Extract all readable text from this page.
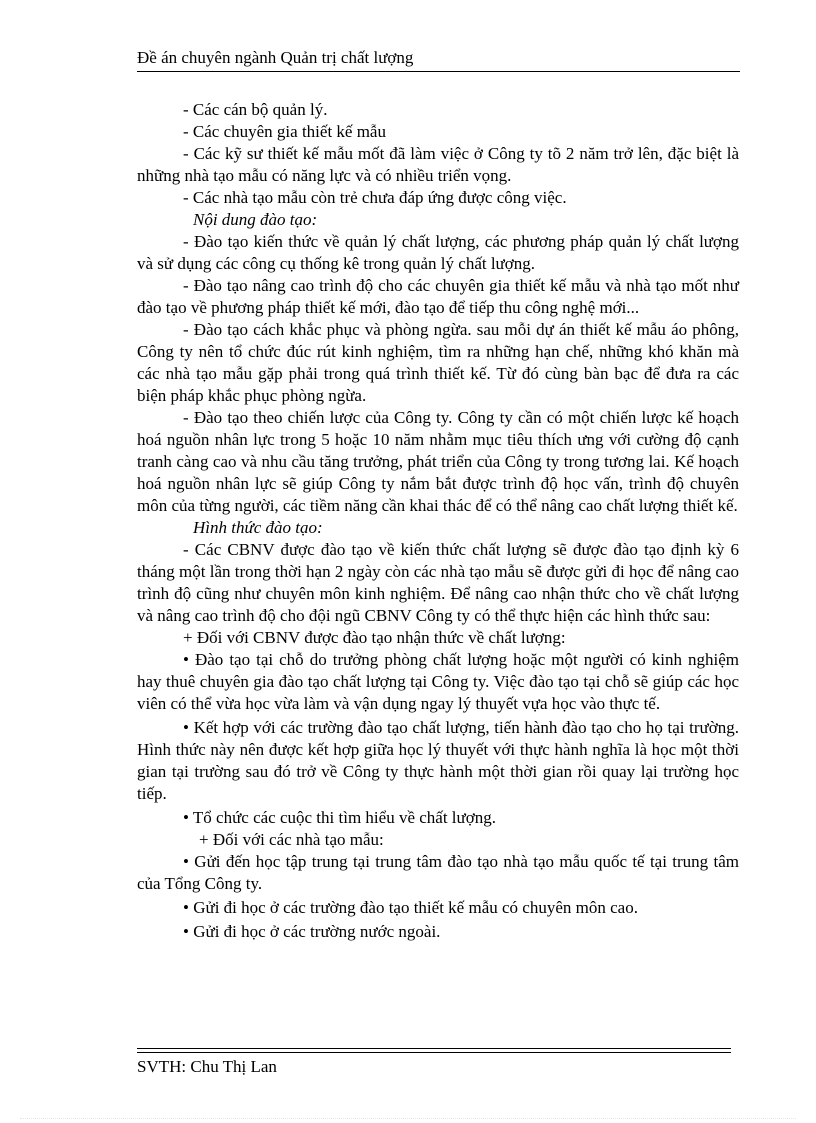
Đề án chuyên ngành Quản trị chất lượng

- Các cán bộ quản lý.

- Các chuyên gia thiết kế mẫu

- Các kỹ sư thiết kế mẫu mốt đã làm việc ở Công ty tõ 2 năm trở lên, đặc biệt là những nhà tạo mẫu có năng lực và có nhiều triển vọng.

- Các nhà tạo mẫu còn trẻ chưa đáp ứng được công việc.

Nội dung đào tạo:

- Đào tạo kiến thức về quản lý chất lượng, các phương pháp quản lý chất lượng và sử dụng các công cụ thống kê trong quản lý chất lượng.

- Đào tạo nâng cao trình độ cho các chuyên gia thiết kế mẫu và nhà tạo mốt như đào tạo về phương pháp thiết kế mới, đào tạo để tiếp thu công nghệ mới...

- Đào tạo cách khắc phục và phòng ngừa. sau mỗi dự án thiết kế mẫu áo phông, Công ty nên tổ chức đúc rút kinh nghiệm, tìm ra những hạn chế, những khó khăn mà các nhà tạo mẫu gặp phải trong quá trình thiết kế. Từ đó cùng bàn bạc để đưa ra các biện pháp khắc phục phòng ngừa.

- Đào tạo theo chiến lược của Công ty. Công ty cần có một chiến lược kế hoạch hoá nguồn nhân lực trong 5 hoặc 10 năm nhằm mục tiêu thích ưng với cường độ cạnh tranh càng cao và nhu cầu tăng trưởng, phát triển của Công ty trong tương lai. Kế hoạch hoá nguồn nhân lực sẽ giúp Công ty nắm bắt được trình độ học vấn, trình độ chuyên môn của từng người, các tiềm năng cần khai thác để có thể nâng cao chất lượng thiết kế.

Hình thức đào tạo:

- Các CBNV được đào tạo về kiến thức chất lượng sẽ được đào tạo định kỳ 6 tháng một lần trong thời hạn 2 ngày còn các nhà tạo mẫu sẽ được gửi đi học để nâng cao trình độ cũng như chuyên môn kinh nghiệm. Để nâng cao nhận thức cho về chất lượng và nâng cao trình độ cho đội ngũ CBNV Công ty có thể thực hiện các hình thức sau:

+ Đối với CBNV được đào tạo nhận thức về chất lượng:

• Đào tạo tại chỗ do trưởng phòng chất lượng hoặc một người có kinh nghiệm hay thuê chuyên gia đào tạo chất lượng tại Công ty. Việc đào tạo tại chỗ sẽ giúp các học viên có thể vừa học vừa làm và vận dụng ngay lý thuyết vựa học vào thực tế.

• Kết hợp với các trường đào tạo chất lượng, tiến hành đào tạo cho họ tại trường. Hình thức này nên được kết hợp giữa học lý thuyết với thực hành nghĩa là học một thời gian tại trường sau đó trở về Công ty thực hành một thời gian rồi quay lại trường học tiếp.

• Tổ chức các cuộc thi tìm hiểu về chất lượng.

+ Đối với các nhà tạo mẫu:

• Gửi đến học tập trung tại trung tâm đào tạo nhà tạo mẫu quốc tế tại trung tâm của Tổng Công ty.

• Gửi đi học ở các trường đào tạo thiết kế mẫu có chuyên môn cao.

• Gửi đi học ở các trường nước ngoài.

SVTH: Chu Thị Lan
